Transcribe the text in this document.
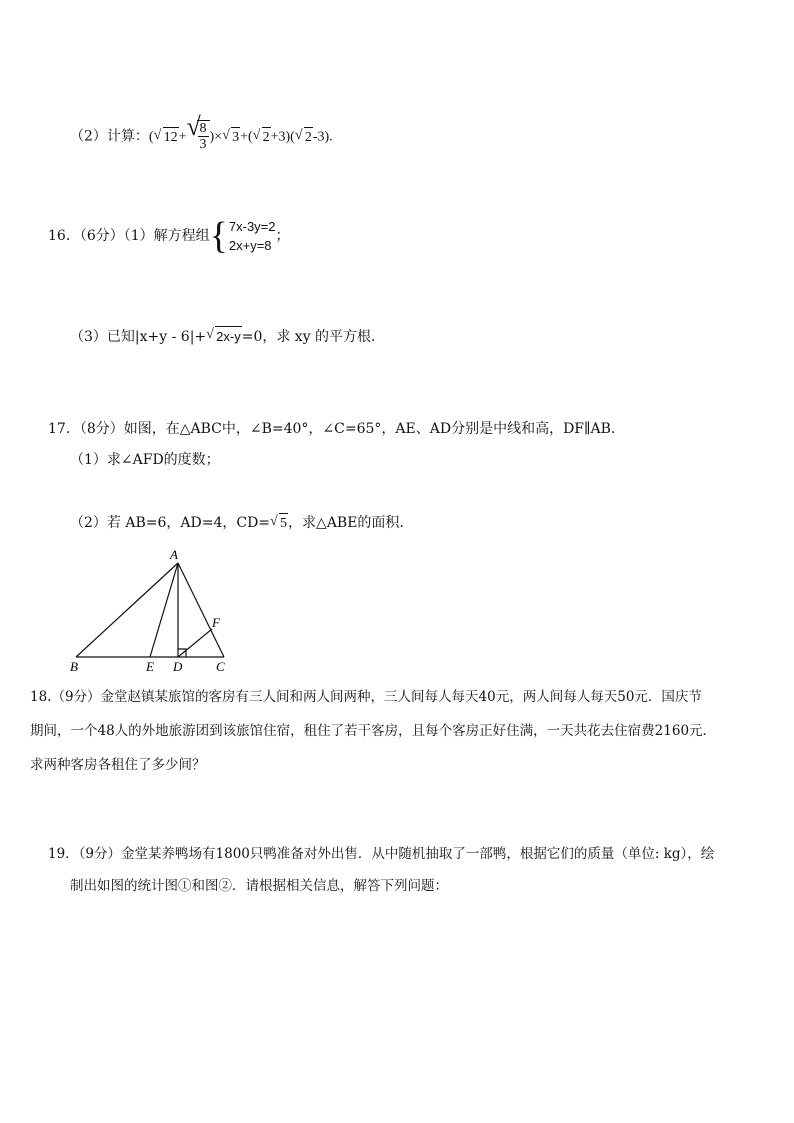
（2）计算：( √ 12+ √
$\frac{8}{3}$ )× √ 3+( √ 2+3)( √ 2-3).
16．（6分）（1）解方程组 { 7x-3y=2
2x+y=8
；
（3）已知|x+y - 6|+ √ 2x-y=0，求 xy 的平方根.
17．（8分）如图，在△ABC中，∠B=40°，∠C=65°，AE、AD分别是中线和高，DF∥AB.
（1）求∠AFD的度数；
（2）若 AB=6，AD=4，CD= √ 5，求△ABE的面积.
A
B	E D	C
F
18.（9分）金堂赵镇某旅馆的客房有三人间和两人间两种，三人间每人每天40元，两人间每人每天50元．国庆节
期间，一个48人的外地旅游团到该旅馆住宿，租住了若干客房，且每个客房正好住满，一天共花去住宿费2160元．
求两种客房各租住了多少间？
19．（9分）金堂某养鸭场有1800只鸭准备对外出售．从中随机抽取了一部鸭，根据它们的质量（单位: kg），绘
制出如图的统计图①和图②．请根据相关信息，解答下列问题：
